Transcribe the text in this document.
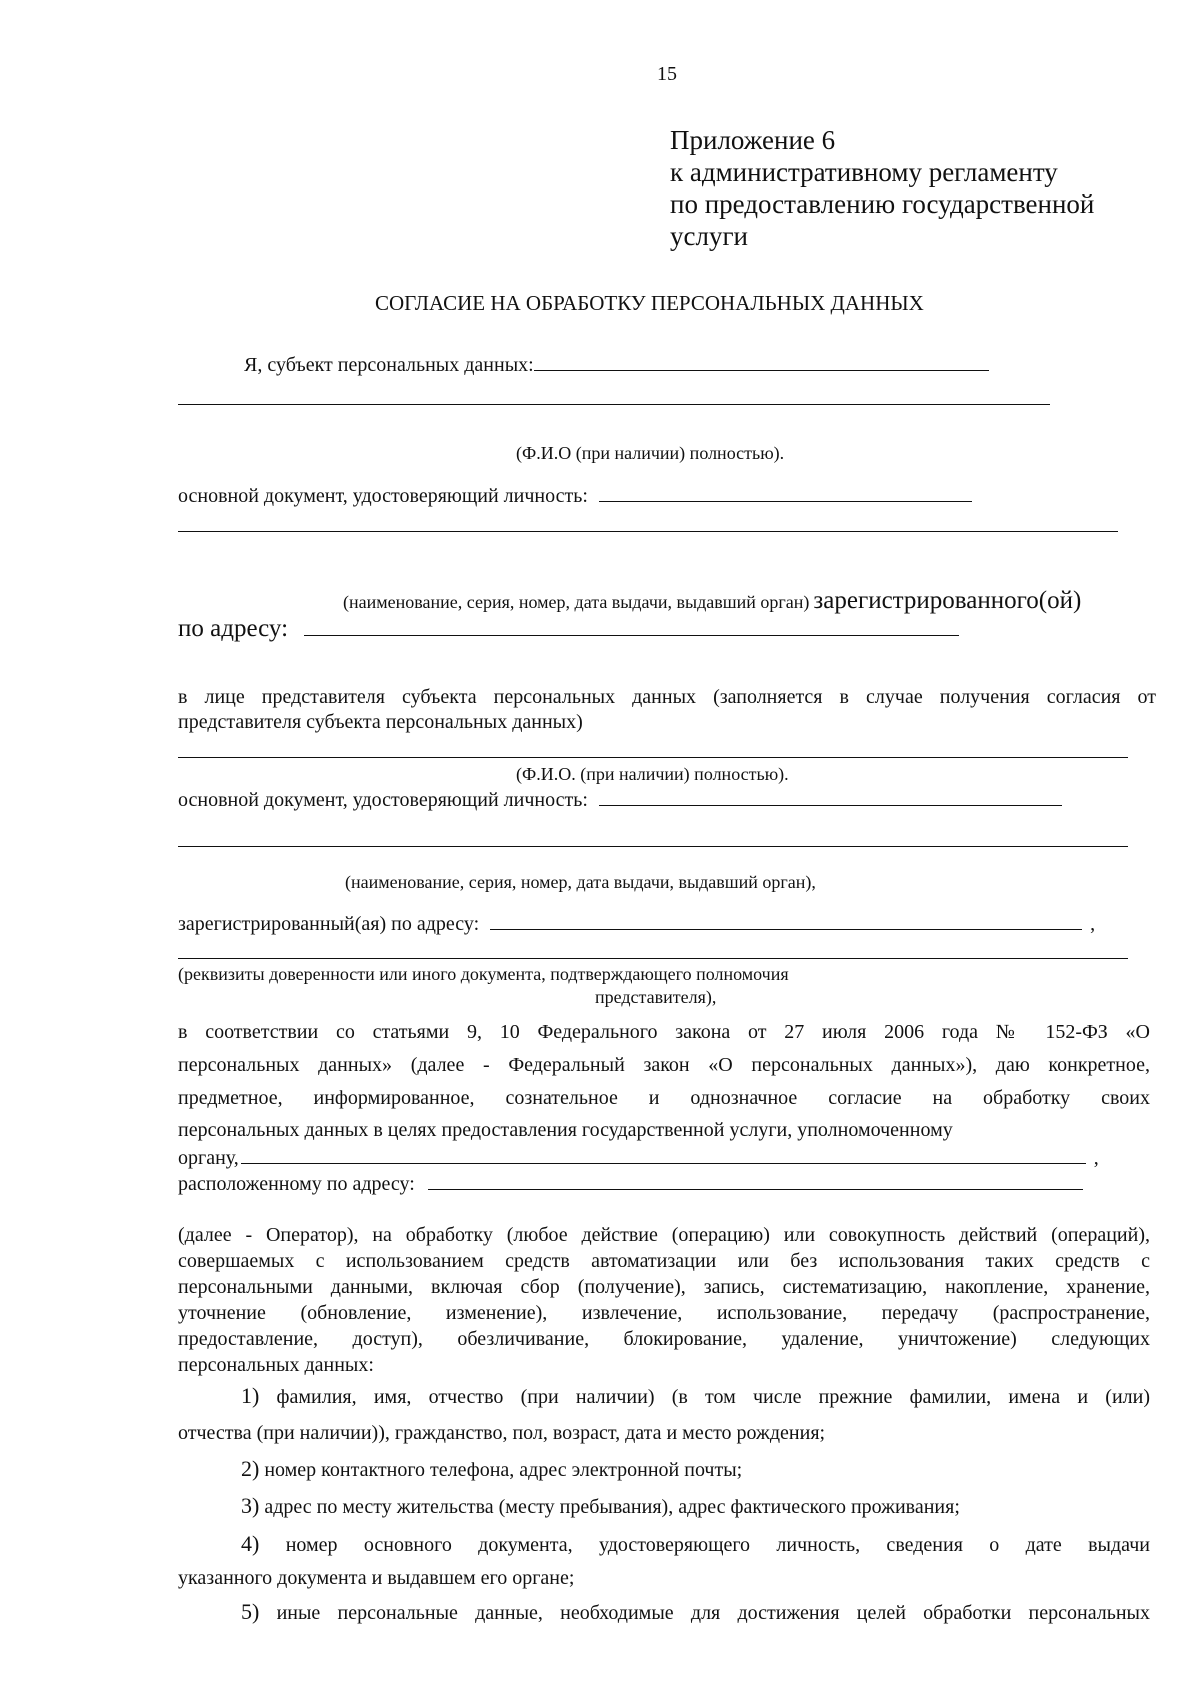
15
Приложение 6
к административному регламенту
по предоставлению государственной
услуги
СОГЛАСИЕ НА ОБРАБОТКУ ПЕРСОНАЛЬНЫХ ДАННЫХ
Я, субъект персональных данных:
(Ф.И.О (при наличии) полностью).
основной документ, удостоверяющий личность:
(наименование, серия, номер, дата выдачи, выдавший орган) зарегистрированного(ой)
по адресу:
в лице представителя субъекта персональных данных (заполняется в случае получения согласия от
представителя субъекта персональных данных)
(Ф.И.О. (при наличии) полностью).
основной документ, удостоверяющий личность:
(наименование, серия, номер, дата выдачи, выдавший орган),
зарегистрированный(ая) по адресу:	,
(реквизиты доверенности или иного документа, подтверждающего полномочия
представителя),
в соответствии со статьями 9, 10 Федерального закона от 27 июля 2006 года № 152-ФЗ «О
персональных данных» (далее - Федеральный закон «О персональных данных»), даю конкретное,
предметное, информированное, сознательное и однозначное согласие на обработку своих
персональных данных в целях предоставления государственной услуги, уполномоченному
органу,	,
расположенному по адресу:
(далее - Оператор), на обработку (любое действие (операцию) или совокупность действий (операций),
совершаемых с использованием средств автоматизации или без использования таких средств с
персональными данными, включая сбор (получение), запись, систематизацию, накопление, хранение,
уточнение (обновление, изменение), извлечение, использование, передачу (распространение,
предоставление, доступ), обезличивание, блокирование, удаление, уничтожение) следующих
персональных данных:
1) фамилия, имя, отчество (при наличии) (в том числе прежние фамилии, имена и (или)
отчества (при наличии)), гражданство, пол, возраст, дата и место рождения;
2) номер контактного телефона, адрес электронной почты;
3) адрес по месту жительства (месту пребывания), адрес фактического проживания;
4) номер основного документа, удостоверяющего личность, сведения о дате выдачи
указанного документа и выдавшем его органе;
5) иные персональные данные, необходимые для достижения целей обработки персональных
